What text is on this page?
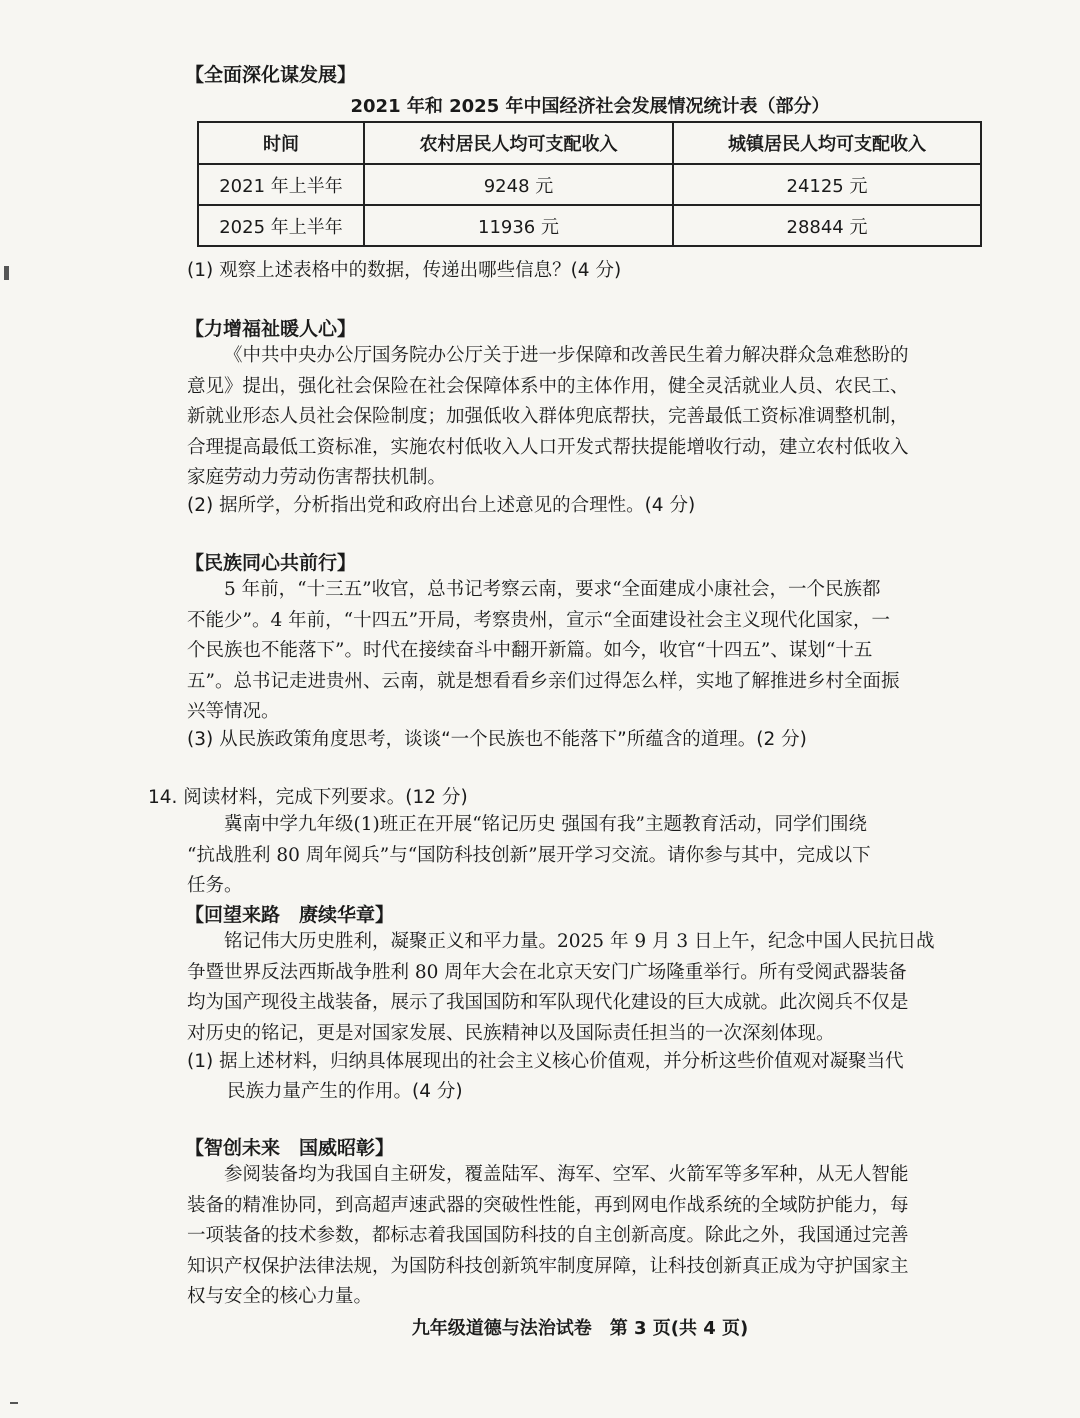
【全面深化谋发展】
2021 年和 2025 年中国经济社会发展情况统计表（部分）
时间	农村居民人均可支配收入	城镇居民人均可支配收入
2021 年上半年	9248 元	24125 元
2025 年上半年	11936 元	28844 元
(1) 观察上述表格中的数据，传递出哪些信息？(4 分)
【力增福祉暖人心】
《中共中央办公厅国务院办公厅关于进一步保障和改善民生着力解决群众急难愁盼的
意见》提出，强化社会保险在社会保障体系中的主体作用，健全灵活就业人员、农民工、
新就业形态人员社会保险制度；加强低收入群体兜底帮扶，完善最低工资标准调整机制，
合理提高最低工资标准，实施农村低收入人口开发式帮扶提能增收行动，建立农村低收入
家庭劳动力劳动伤害帮扶机制。
(2) 据所学，分析指出党和政府出台上述意见的合理性。(4 分)
【民族同心共前行】
5 年前，“十三五”收官，总书记考察云南，要求“全面建成小康社会，一个民族都
不能少”。4 年前，“十四五”开局，考察贵州，宣示“全面建设社会主义现代化国家，一
个民族也不能落下”。时代在接续奋斗中翻开新篇。如今，收官“十四五”、谋划“十五
五”。总书记走进贵州、云南，就是想看看乡亲们过得怎么样，实地了解推进乡村全面振
兴等情况。
(3) 从民族政策角度思考，谈谈“一个民族也不能落下”所蕴含的道理。(2 分)
14. 阅读材料，完成下列要求。(12 分)
冀南中学九年级(1)班正在开展“铭记历史 强国有我”主题教育活动，同学们围绕
“抗战胜利 80 周年阅兵”与“国防科技创新”展开学习交流。请你参与其中，完成以下
任务。
【回望来路　赓续华章】
铭记伟大历史胜利，凝聚正义和平力量。2025 年 9 月 3 日上午，纪念中国人民抗日战
争暨世界反法西斯战争胜利 80 周年大会在北京天安门广场隆重举行。所有受阅武器装备
均为国产现役主战装备，展示了我国国防和军队现代化建设的巨大成就。此次阅兵不仅是
对历史的铭记，更是对国家发展、民族精神以及国际责任担当的一次深刻体现。
(1) 据上述材料，归纳具体展现出的社会主义核心价值观，并分析这些价值观对凝聚当代
民族力量产生的作用。(4 分)
【智创未来　国威昭彰】
参阅装备均为我国自主研发，覆盖陆军、海军、空军、火箭军等多军种，从无人智能
装备的精准协同，到高超声速武器的突破性性能，再到网电作战系统的全域防护能力，每
一项装备的技术参数，都标志着我国国防科技的自主创新高度。除此之外，我国通过完善
知识产权保护法律法规，为国防科技创新筑牢制度屏障，让科技创新真正成为守护国家主
权与安全的核心力量。
九年级道德与法治试卷　第 3 页(共 4 页)
